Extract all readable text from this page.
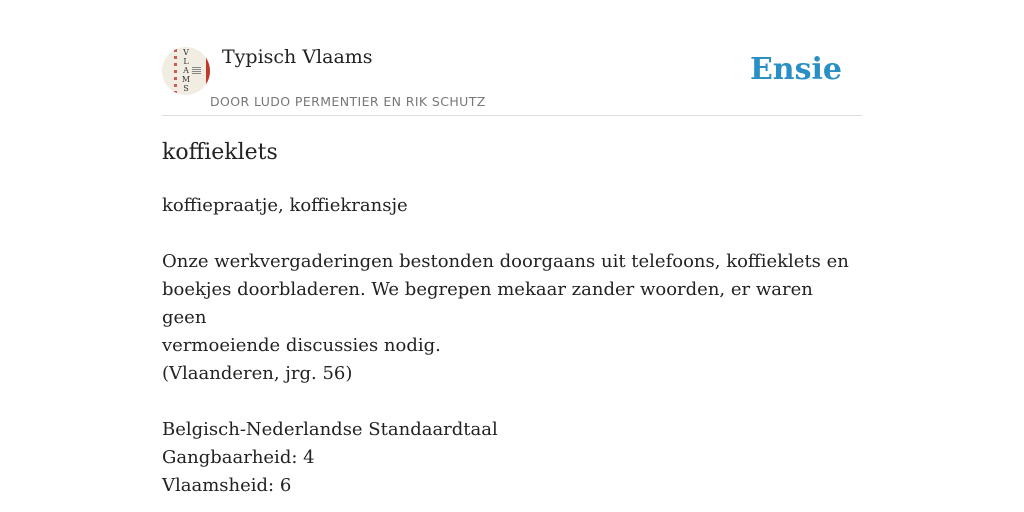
V
L
A
M
S
Typisch Vlaams
DOOR LUDO PERMENTIER EN RIK SCHUTZ
Ensie
koffieklets

koffiepraatje, koffiekransje

Onze werkvergaderingen bestonden doorgaans uit telefoons, koffieklets en

boekjes doorbladeren. We begrepen mekaar zander woorden, er waren geen

vermoeiende discussies nodig.

(Vlaanderen, jrg. 56)

Belgisch-Nederlandse Standaardtaal

Gangbaarheid: 4

Vlaamsheid: 6
